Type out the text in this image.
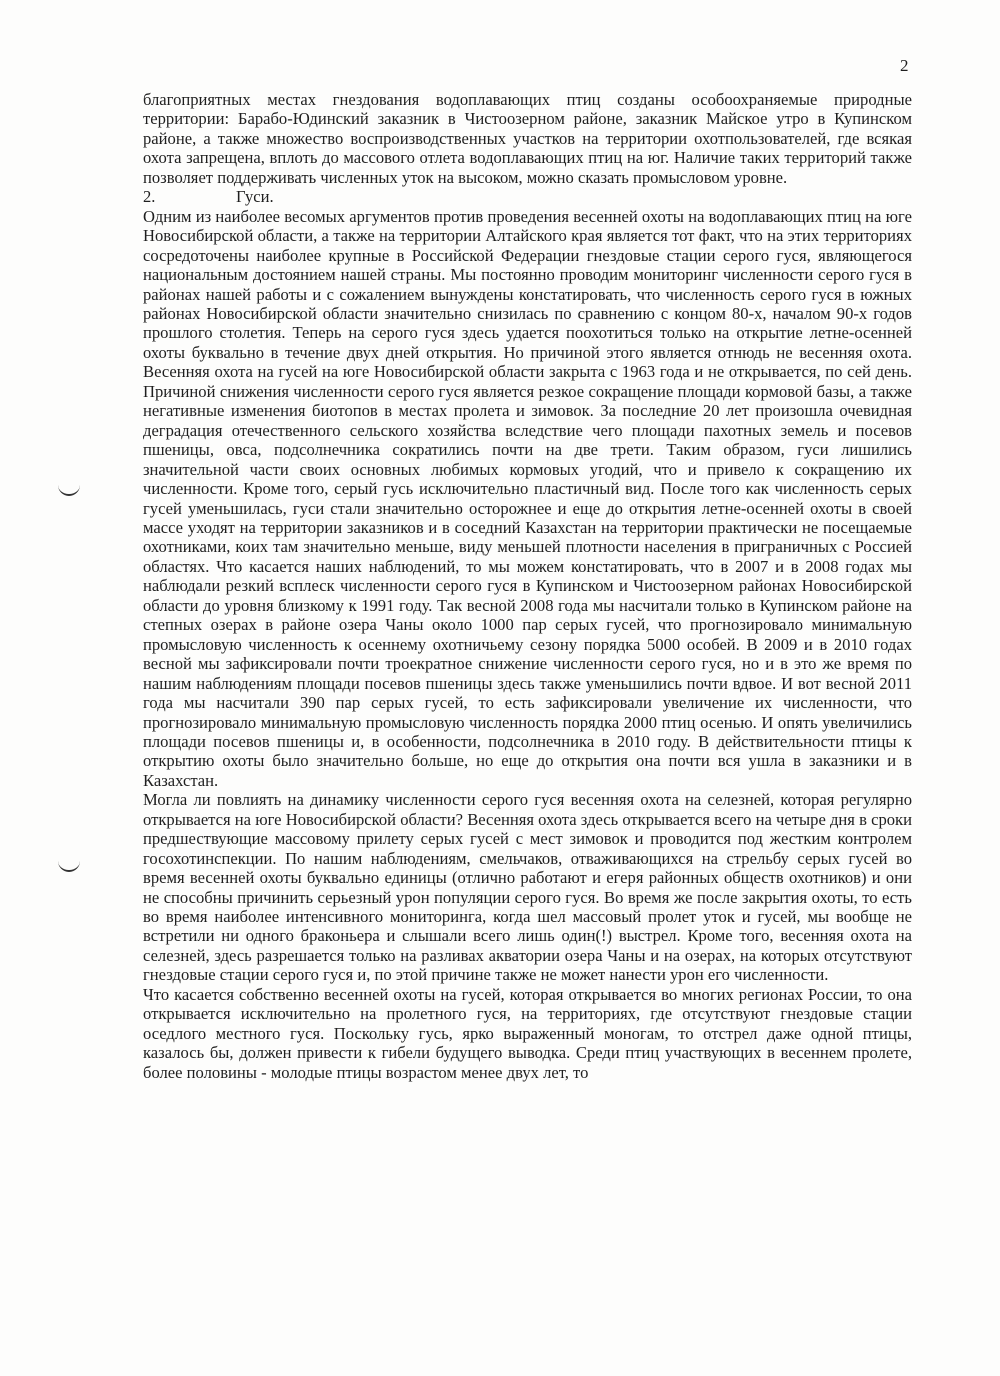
2

благоприятных местах гнездования водоплавающих птиц созданы особоохраняемые природные территории: Барабо-Юдинский заказник в Чистоозерном районе, заказник Майское утро в Купинском районе, а также множество воспроизводственных участков на территории охотпользователей, где всякая охота запрещена, вплоть до массового отлета водоплавающих птиц на юг. Наличие таких территорий также позволяет поддерживать численных уток на высоком, можно сказать промысловом уровне.

2.	Гуси.

Одним из наиболее весомых аргументов против проведения весенней охоты на водоплавающих птиц на юге Новосибирской области, а также на территории Алтайского края является тот факт, что на этих территориях сосредоточены наиболее крупные в Российской Федерации гнездовые стации серого гуся, являющегося национальным достоянием нашей страны. Мы постоянно проводим мониторинг численности серого гуся в районах нашей работы и с сожалением вынуждены констатировать, что численность серого гуся в южных районах Новосибирской области значительно снизилась по сравнению с концом 80-х, началом 90-х годов прошлого столетия. Теперь на серого гуся здесь удается поохотиться только на открытие летне-осенней охоты буквально в течение двух дней открытия. Но причиной этого является отнюдь не весенняя охота. Весенняя охота на гусей на юге Новосибирской области закрыта с 1963 года и не открывается, по сей день. Причиной снижения численности серого гуся является резкое сокращение площади кормовой базы, а также негативные изменения биотопов в местах пролета и зимовок. За последние 20 лет произошла очевидная деградация отечественного сельского хозяйства вследствие чего площади пахотных земель и посевов пшеницы, овса, подсолнечника сократились почти на две трети. Таким образом, гуси лишились значительной части своих основных любимых кормовых угодий, что и привело к сокращению их численности. Кроме того, серый гусь исключительно пластичный вид. После того как численность серых гусей уменьшилась, гуси стали значительно осторожнее и еще до открытия летне-осенней охоты в своей массе уходят на территории заказников и в соседний Казахстан на территории практически не посещаемые охотниками, коих там значительно меньше, виду меньшей плотности населения в приграничных с Россией областях. Что касается наших наблюдений, то мы можем констатировать, что в 2007 и в 2008 годах мы наблюдали резкий всплеск численности серого гуся в Купинском и Чистоозерном районах Новосибирской области до уровня близкому к 1991 году. Так весной 2008 года мы насчитали только в Купинском районе на степных озерах в районе озера Чаны около 1000 пар серых гусей, что прогнозировало минимальную промысловую численность к осеннему охотничьему сезону порядка 5000 особей. В 2009 и в 2010 годах весной мы зафиксировали почти троекратное снижение численности серого гуся, но и в это же время по нашим наблюдениям площади посевов пшеницы здесь также уменьшились почти вдвое. И вот весной 2011 года мы насчитали 390 пар серых гусей, то есть зафиксировали увеличение их численности, что прогнозировало минимальную промысловую численность порядка 2000 птиц осенью. И опять увеличились площади посевов пшеницы и, в особенности, подсолнечника в 2010 году. В действительности птицы к открытию охоты было значительно больше, но еще до открытия она почти вся ушла в заказники и в Казахстан.

Могла ли повлиять на динамику численности серого гуся весенняя охота на селезней, которая регулярно открывается на юге Новосибирской области? Весенняя охота здесь открывается всего на четыре дня в сроки предшествующие массовому прилету серых гусей с мест зимовок и проводится под жестким контролем госохотинспекции. По нашим наблюдениям, смельчаков, отваживающихся на стрельбу серых гусей во время весенней охоты буквально единицы (отлично работают и егеря районных обществ охотников) и они не способны причинить серьезный урон популяции серого гуся. Во время же после закрытия охоты, то есть во время наиболее интенсивного мониторинга, когда шел массовый пролет уток и гусей, мы вообще не встретили ни одного браконьера и слышали всего лишь один(!) выстрел. Кроме того, весенняя охота на селезней, здесь разрешается только на разливах акватории озера Чаны и на озерах, на которых отсутствуют гнездовые стации серого гуся и, по этой причине также не может нанести урон его численности.

Что касается собственно весенней охоты на гусей, которая открывается во многих регионах России, то она открывается исключительно на пролетного гуся, на территориях, где отсутствуют гнездовые стации оседлого местного гуся. Поскольку гусь, ярко выраженный моногам, то отстрел даже одной птицы, казалось бы, должен привести к гибели будущего выводка. Среди птиц участвующих в весеннем пролете, более половины - молодые птицы возрастом менее двух лет, то
